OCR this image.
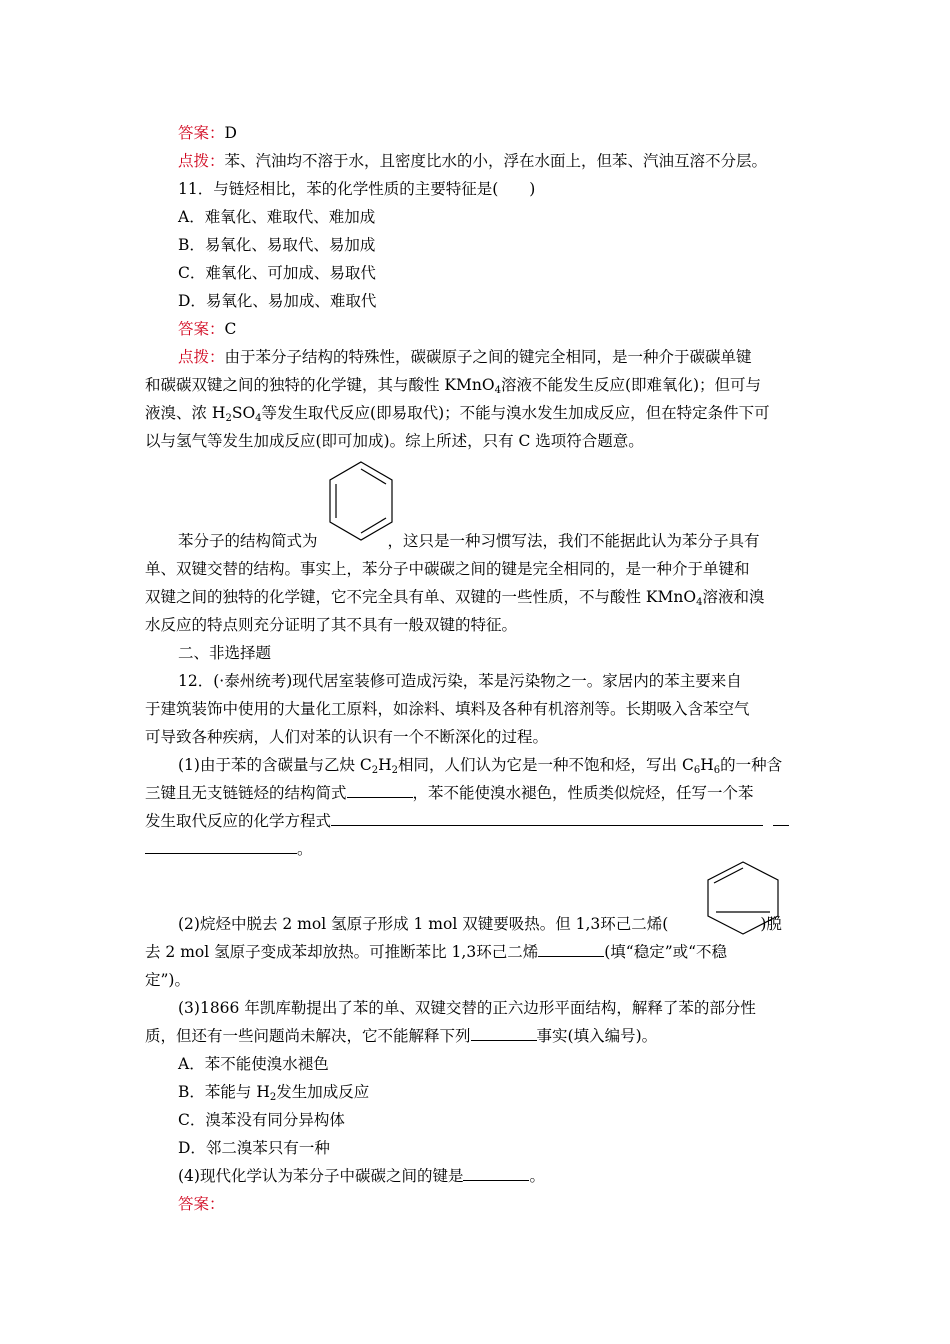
答案：D
点拨：苯、汽油均不溶于水，且密度比水的小，浮在水面上，但苯、汽油互溶不分层。
11．与链烃相比，苯的化学性质的主要特征是(　　)
A．难氧化、难取代、难加成
B．易氧化、易取代、易加成
C．难氧化、可加成、易取代
D．易氧化、易加成、难取代
答案：C
点拨：由于苯分子结构的特殊性，碳碳原子之间的键完全相同，是一种介于碳碳单键
和碳碳双键之间的独特的化学键，其与酸性 KMnO$_4$溶液不能发生反应(即难氧化)；但可与
液溴、浓 $H_2SO_4$等发生取代反应(即易取代)；不能与溴水发生加成反应，但在特定条件下可
以与氢气等发生加成反应(即可加成)。综上所述，只有 C 选项符合题意。
苯分子的结构简式为	，这只是一种习惯写法，我们不能据此认为苯分子具有
单、双键交替的结构。事实上，苯分子中碳碳之间的键是完全相同的，是一种介于单键和
双键之间的独特的化学键，它不完全具有单、双键的一些性质，不与酸性 KMnO$_4$溶液和溴
水反应的特点则充分证明了其不具有一般双键的特征。
二、非选择题
12．(·泰州统考)现代居室装修可造成污染，苯是污染物之一。家居内的苯主要来自
于建筑装饰中使用的大量化工原料，如涂料、填料及各种有机溶剂等。长期吸入含苯空气
可导致各种疾病，人们对苯的认识有一个不断深化的过程。
(1)由于苯的含碳量与乙炔 $C_2H_2$相同，人们认为它是一种不饱和烃，写出 $C_6H_6$的一种含
三键且无支链链烃的结构简式	，苯不能使溴水褪色，性质类似烷烃，任写一个苯
发生取代反应的化学方程式
。
(2)烷烃中脱去 2 mol 氢原子形成 1 mol 双键要吸热。但 1,3环己二烯(	)脱
去 2 mol 氢原子变成苯却放热。可推断苯比 1,3环己二烯	(填“稳定”或“不稳
定”)。
(3)1866 年凯库勒提出了苯的单、双键交替的正六边形平面结构，解释了苯的部分性
质，但还有一些问题尚未解决，它不能解释下列	事实(填入编号)。
A．苯不能使溴水褪色
B．苯能与 $H_2$发生加成反应
C．溴苯没有同分异构体
D．邻二溴苯只有一种
(4)现代化学认为苯分子中碳碳之间的键是	。
答案：
